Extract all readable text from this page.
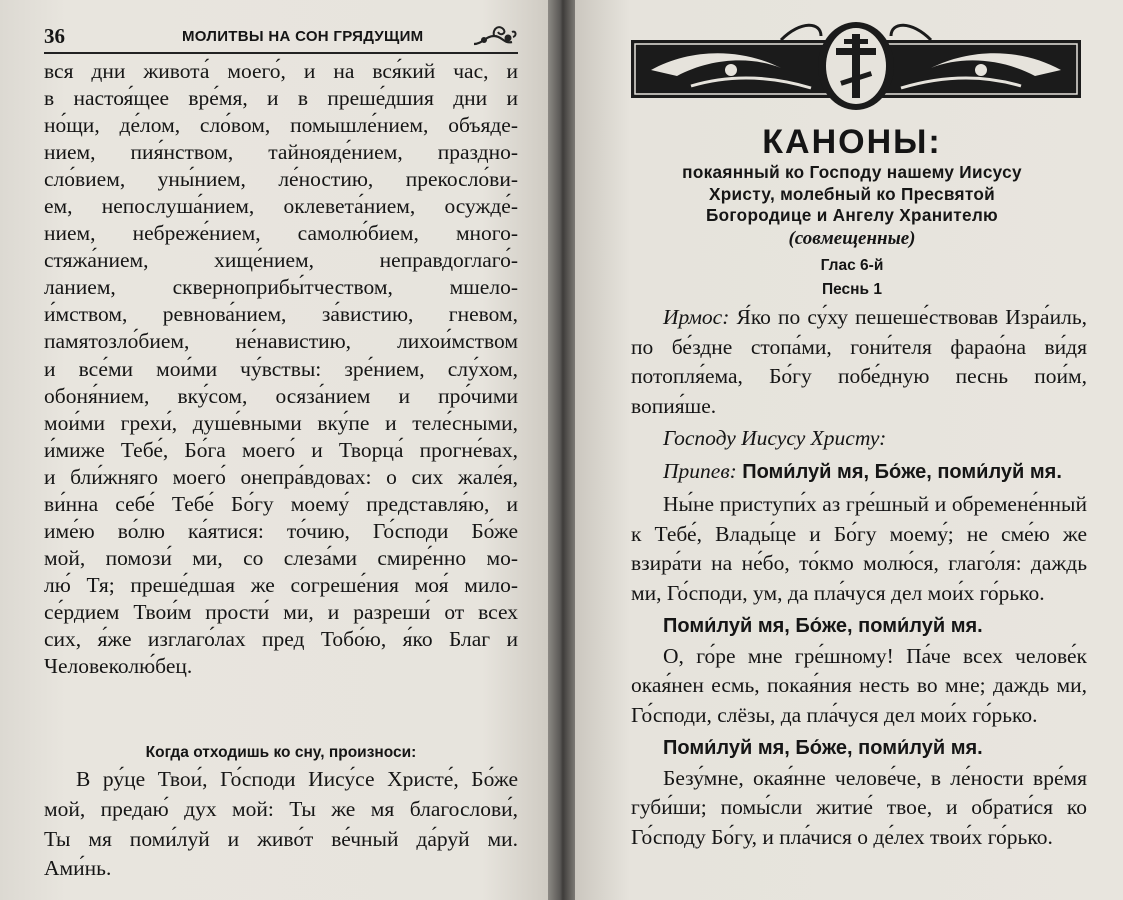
36	МОЛИТВЫ НА СОН ГРЯДУЩИМ

вся дни живота́ моего́, и на вся́кий час, и

в настоя́щее вре́мя, и в преше́дшия дни и

но́щи, де́лом, сло́вом, помышле́нием, объяде-

нием, пия́нством, тайнояде́нием, праздно-

сло́вием, уны́нием, ле́ностию, прекосло́ви-

ем, непослуша́нием, оклевета́нием, осужде́-

нием, небреже́нием, самолю́бием, много-

стяжа́нием, хище́нием, неправдоглаго́-

ланием, скверноприбы́тчеством, мшело-

и́мством, ревнова́нием, за́вистию, гневом,

памятозло́бием, не́навистию, лихои́мством

и все́ми мои́ми чу́вствы: зре́нием, слу́хом,

обоня́нием, вку́сом, осяза́нием и про́чими

мои́ми грехи́, душе́вными вку́пе и теле́сными,

и́миже Тебе́, Бо́га моего́ и Творца́ прогне́вах,

и бли́жняго моего́ онепра́вдовах: о сих жале́я,

ви́нна себе́ Тебе́ Бо́гу моему́ представля́ю, и

име́ю во́лю ка́ятися: то́чию, Го́споди Бо́же

мой, помози́ ми, со слеза́ми смире́нно мо-

лю́ Тя; преше́дшая же согреше́ния моя́ мило-

се́рдием Твои́м прости́ ми, и разреши́ от всех

сих, я́же изглаго́лах пред Тобо́ю, я́ко Благ и

Человеколю́бец.

Когда отходишь ко сну, произноси:

В ру́це Твои́, Го́споди Иису́се Христе́, Бо́же

мой, предаю́ дух мой: Ты же мя благослови́,

Ты мя поми́луй и живо́т ве́чный да́руй ми.

Ами́нь.

КАНОНЫ:
покаянный ко Господу нашему Иисусу
Христу, молебный ко Пресвятой
Богородице и Ангелу Хранителю
(совмещенные)
Глас 6-й
Песнь 1

Ирмос: Я́ко по су́ху пешеше́ствовав Изра́иль, по бе́здне стопа́ми, гони́теля фарао́на ви́дя потопля́ема, Бо́гу побе́дную песнь пои́м, вопия́ше.

Господу Иисусу Христу:

Припев: Поми́луй мя, Бо́же, поми́луй мя.

Ны́не приступи́х аз гре́шный и обремене́нный к Тебе́, Влады́це и Бо́гу моему́; не сме́ю же взира́ти на не́бо, то́кмо молю́ся, глаго́ля: даждь ми, Го́споди, ум, да пла́чуся дел мои́х го́рько.

Поми́луй мя, Бо́же, поми́луй мя.

О, го́ре мне гре́шному! Па́че всех челове́к окая́нен есмь, покая́ния несть во мне; даждь ми, Го́споди, слёзы, да пла́чуся дел мои́х го́рько.

Поми́луй мя, Бо́же, поми́луй мя.

Безу́мне, окая́нне челове́че, в ле́ности вре́мя губи́ши; помы́сли житие́ твое, и обрати́ся ко Го́споду Бо́гу, и пла́чися о де́лех твои́х го́рько.
